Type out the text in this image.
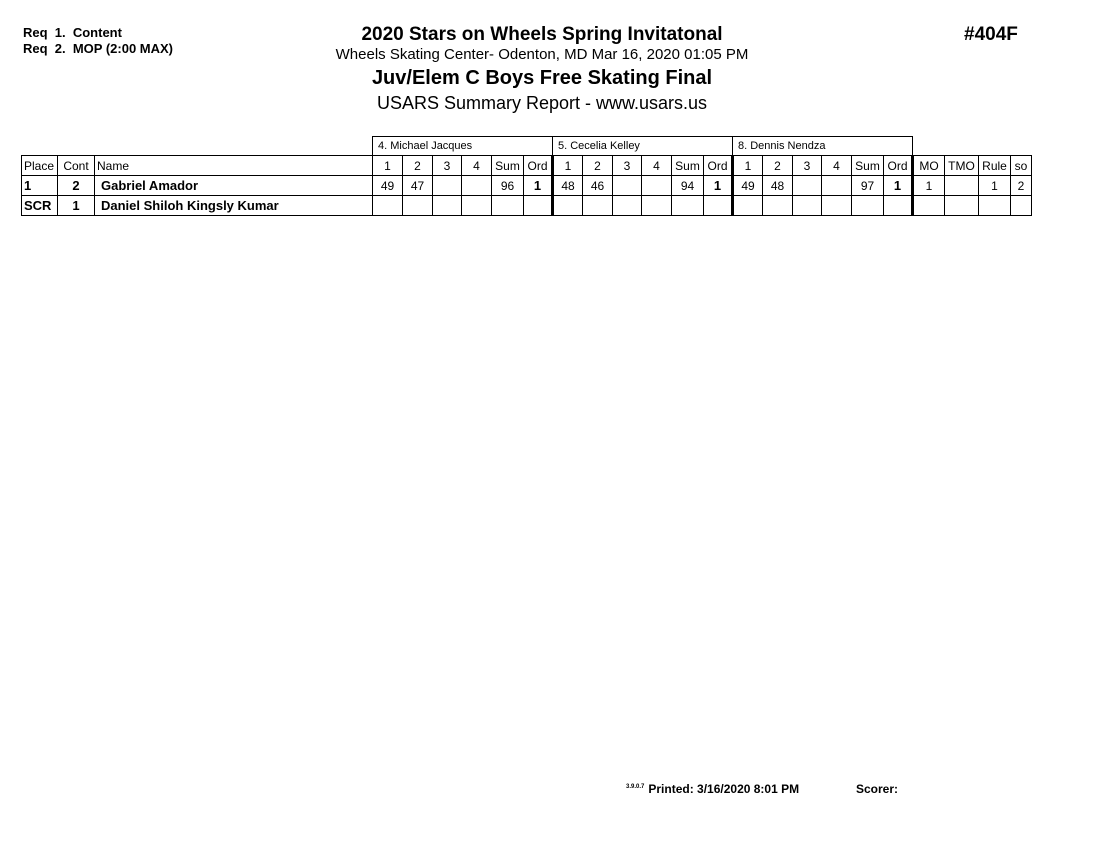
Req  1.  Content
Req  2.  MOP (2:00 MAX)
2020 Stars on Wheels Spring Invitatonal
Wheels Skating Center- Odenton, MD Mar 16, 2020 01:05 PM
Juv/Elem C Boys Free Skating Final
USARS Summary Report - www.usars.us
#404F
			4. Michael Jacques						5. Cecelia Kelley						8. Dennis Nendza									
Place	Cont	Name	1	2	3	4	Sum	Ord	1	2	3	4	Sum	Ord	1	2	3	4	Sum	Ord	MO	TMO	Rule	so
1	2	Gabriel Amador	49	47			96	1	48	46			94	1	49	48			97	1	1		1	2
SCR	1	Daniel Shiloh Kingsly Kumar																						
$^{3.9.0.7}$ Printed: 3/16/2020 8:01 PM	Scorer:
